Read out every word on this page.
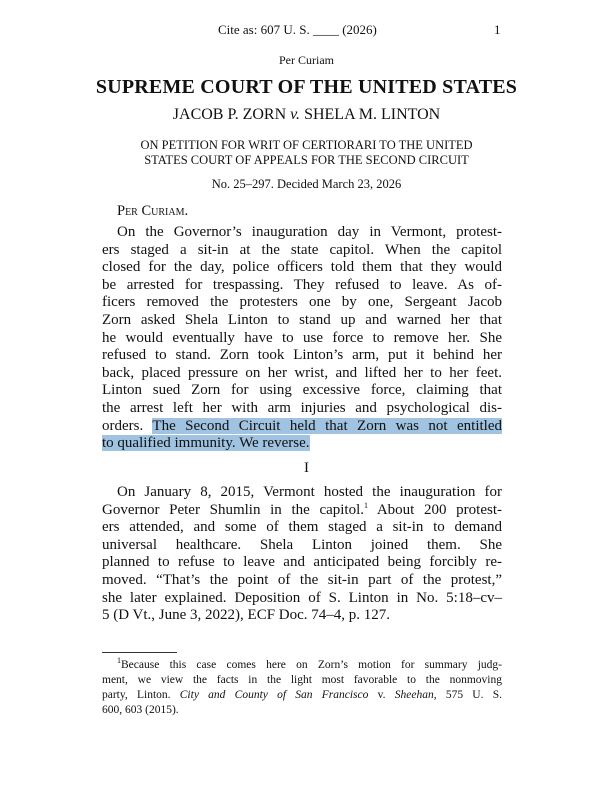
Cite as: 607 U. S. ____ (2026)	1
Per Curiam
SUPREME COURT OF THE UNITED STATES
JACOB P. ZORN v. SHELA M. LINTON
ON PETITION FOR WRIT OF CERTIORARI TO THE UNITED
STATES COURT OF APPEALS FOR THE SECOND CIRCUIT
No. 25–297. Decided March 23, 2026
Per Curiam.
On the Governor’s inauguration day in Vermont, protest-
ers staged a sit-in at the state capitol. When the capitol
closed for the day, police officers told them that they would
be arrested for trespassing. They refused to leave. As of-
ficers removed the protesters one by one, Sergeant Jacob
Zorn asked Shela Linton to stand up and warned her that
he would eventually have to use force to remove her. She
refused to stand. Zorn took Linton’s arm, put it behind her
back, placed pressure on her wrist, and lifted her to her feet.
Linton sued Zorn for using excessive force, claiming that
the arrest left her with arm injuries and psychological dis-
orders. The Second Circuit held that Zorn was not entitled
to qualified immunity. We reverse.
I
On January 8, 2015, Vermont hosted the inauguration for
Governor Peter Shumlin in the capitol.$^1$ About 200 protest-
ers attended, and some of them staged a sit-in to demand
universal healthcare. Shela Linton joined them. She
planned to refuse to leave and anticipated being forcibly re-
moved. “That’s the point of the sit-in part of the protest,”
she later explained. Deposition of S. Linton in No. 5:18–cv–
5 (D Vt., June 3, 2022), ECF Doc. 74–4, p. 127.
$^1$Because this case comes here on Zorn’s motion for summary judg-
ment, we view the facts in the light most favorable to the nonmoving
party, Linton. City and County of San Francisco v. Sheehan, 575 U. S.
600, 603 (2015).
